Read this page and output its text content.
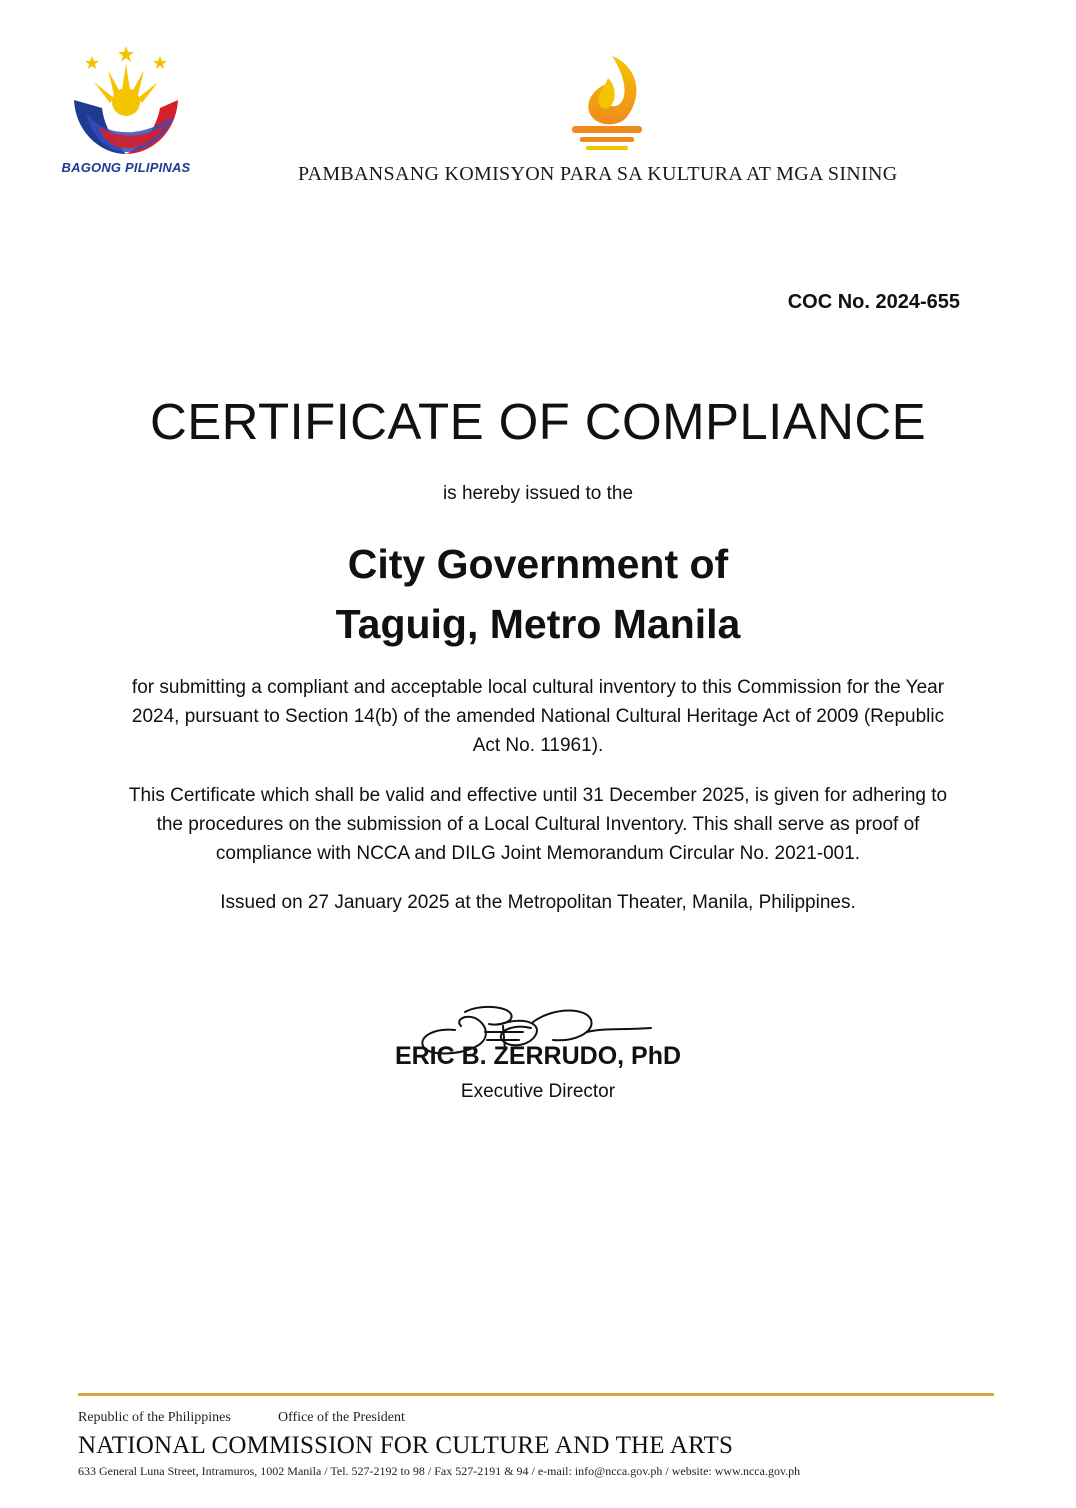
BAGONG PILIPINAS	PAMBANSANG KOMISYON PARA SA KULTURA AT MGA SINING
COC No. 2024-655
CERTIFICATE OF COMPLIANCE
is hereby issued to the
City Government of
Taguig, Metro Manila
for submitting a compliant and acceptable local cultural inventory to this Commission for the Year 2024, pursuant to Section 14(b) of the amended National Cultural Heritage Act of 2009 (Republic Act No. 11961).
This Certificate which shall be valid and effective until 31 December 2025, is given for adhering to the procedures on the submission of a Local Cultural Inventory. This shall serve as proof of compliance with NCCA and DILG Joint Memorandum Circular No. 2021-001.
Issued on 27 January 2025 at the Metropolitan Theater, Manila, Philippines.
ERIC B. ZERRUDO, PhD
Executive Director
Republic of the Philippines	Office of the President
NATIONAL COMMISSION FOR CULTURE AND THE ARTS
633 General Luna Street, Intramuros, 1002 Manila / Tel. 527-2192 to 98 / Fax 527-2191 & 94 / e-mail: info@ncca.gov.ph / website: www.ncca.gov.ph
